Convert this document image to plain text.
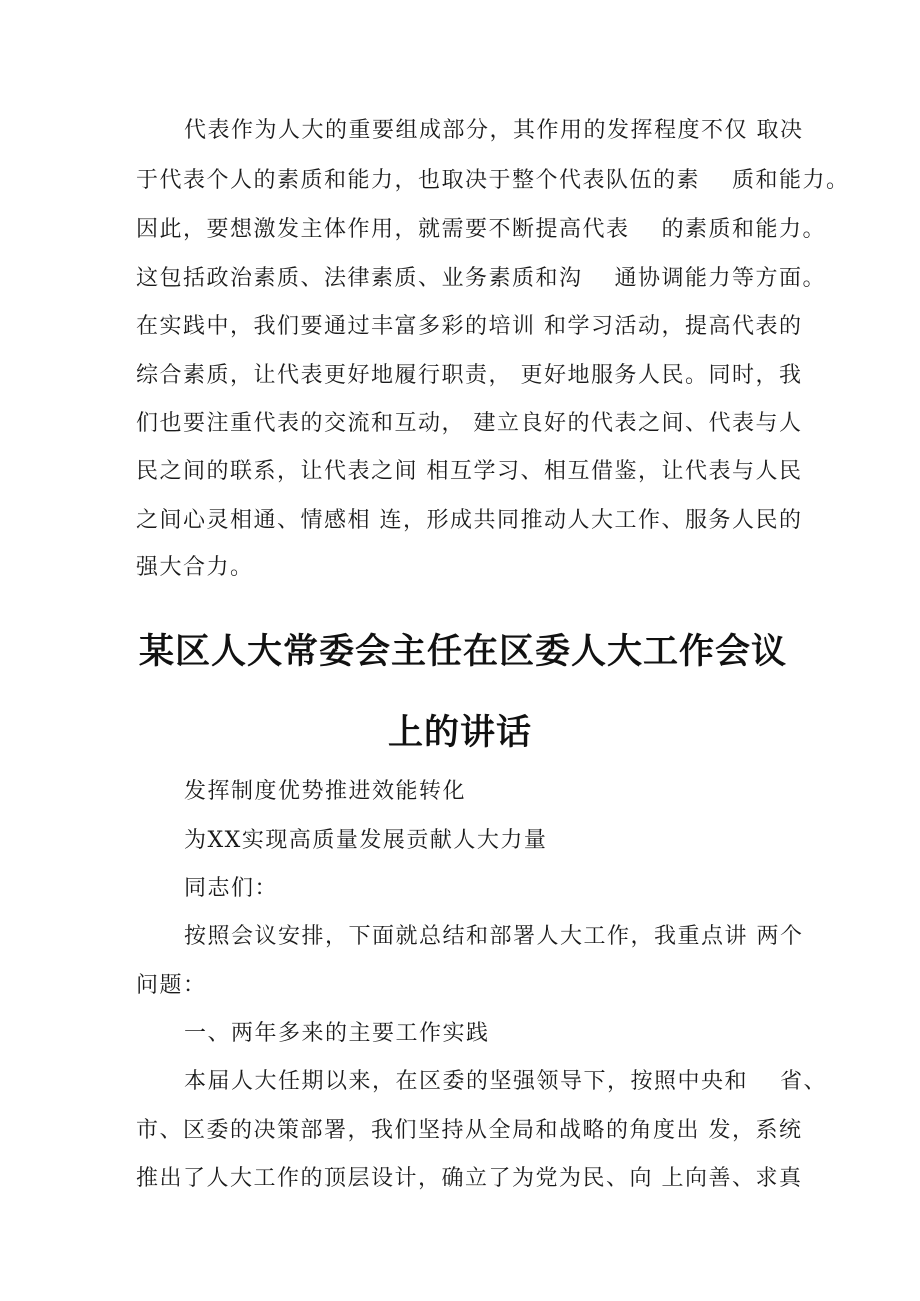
代表作为人大的重要组成部分，其作用的发挥程度不仅 取决
于代表个人的素质和能力，也取决于整个代表队伍的素　 质和能力。
因此，要想激发主体作用，就需要不断提高代表　 的素质和能力。
这包括政治素质、法律素质、业务素质和沟　 通协调能力等方面。
在实践中，我们要通过丰富多彩的培训 和学习活动，提高代表的
综合素质，让代表更好地履行职责， 更好地服务人民。同时，我
们也要注重代表的交流和互动， 建立良好的代表之间、代表与人
民之间的联系，让代表之间 相互学习、相互借鉴，让代表与人民
之间心灵相通、情感相 连，形成共同推动人大工作、服务人民的
强大合力。
某区人大常委会主任在区委人大工作会议
上的讲话
发挥制度优势推进效能转化
为XX实现高质量发展贡献人大力量
同志们：
按照会议安排，下面就总结和部署人大工作，我重点讲 两个
问题：
一、两年多来的主要工作实践
本届人大任期以来，在区委的坚强领导下，按照中央和　 省、
市、区委的决策部署，我们坚持从全局和战略的角度出 发，系统
推出了人大工作的顶层设计，确立了为党为民、向 上向善、求真
